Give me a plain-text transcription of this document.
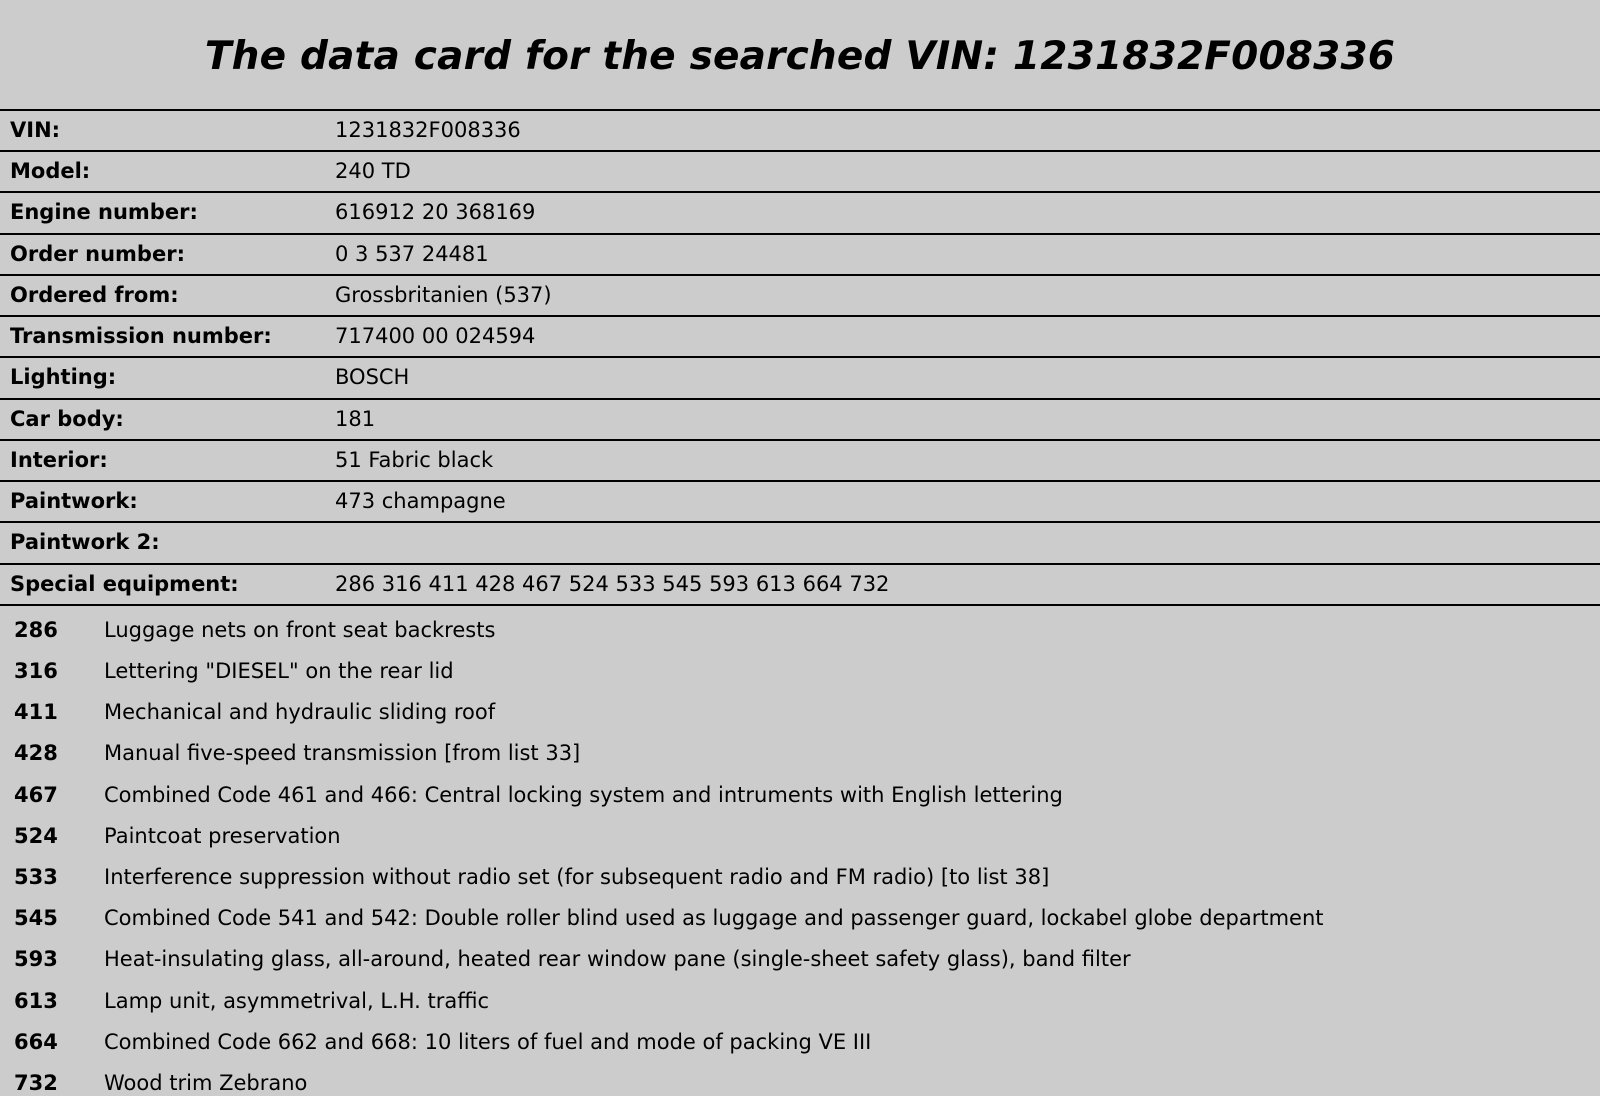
The data card for the searched VIN: 1231832F008336
VIN:	1231832F008336
Model:	240 TD
Engine number:	616912 20 368169
Order number:	0 3 537 24481
Ordered from:	Grossbritanien (537)
Transmission number:	717400 00 024594
Lighting:	BOSCH
Car body:	181
Interior:	51 Fabric black
Paintwork:	473 champagne
Paintwork 2:	
Special equipment:	286 316 411 428 467 524 533 545 593 613 664 732
286	Luggage nets on front seat backrests
316	Lettering "DIESEL" on the rear lid
411	Mechanical and hydraulic sliding roof
428	Manual five-speed transmission [from list 33]
467	Combined Code 461 and 466: Central locking system and intruments with English lettering
524	Paintcoat preservation
533	Interference suppression without radio set (for subsequent radio and FM radio) [to list 38]
545	Combined Code 541 and 542: Double roller blind used as luggage and passenger guard, lockabel globe department
593	Heat-insulating glass, all-around, heated rear window pane (single-sheet safety glass), band filter
613	Lamp unit, asymmetrival, L.H. traffic
664	Combined Code 662 and 668: 10 liters of fuel and mode of packing VE III
732	Wood trim Zebrano
